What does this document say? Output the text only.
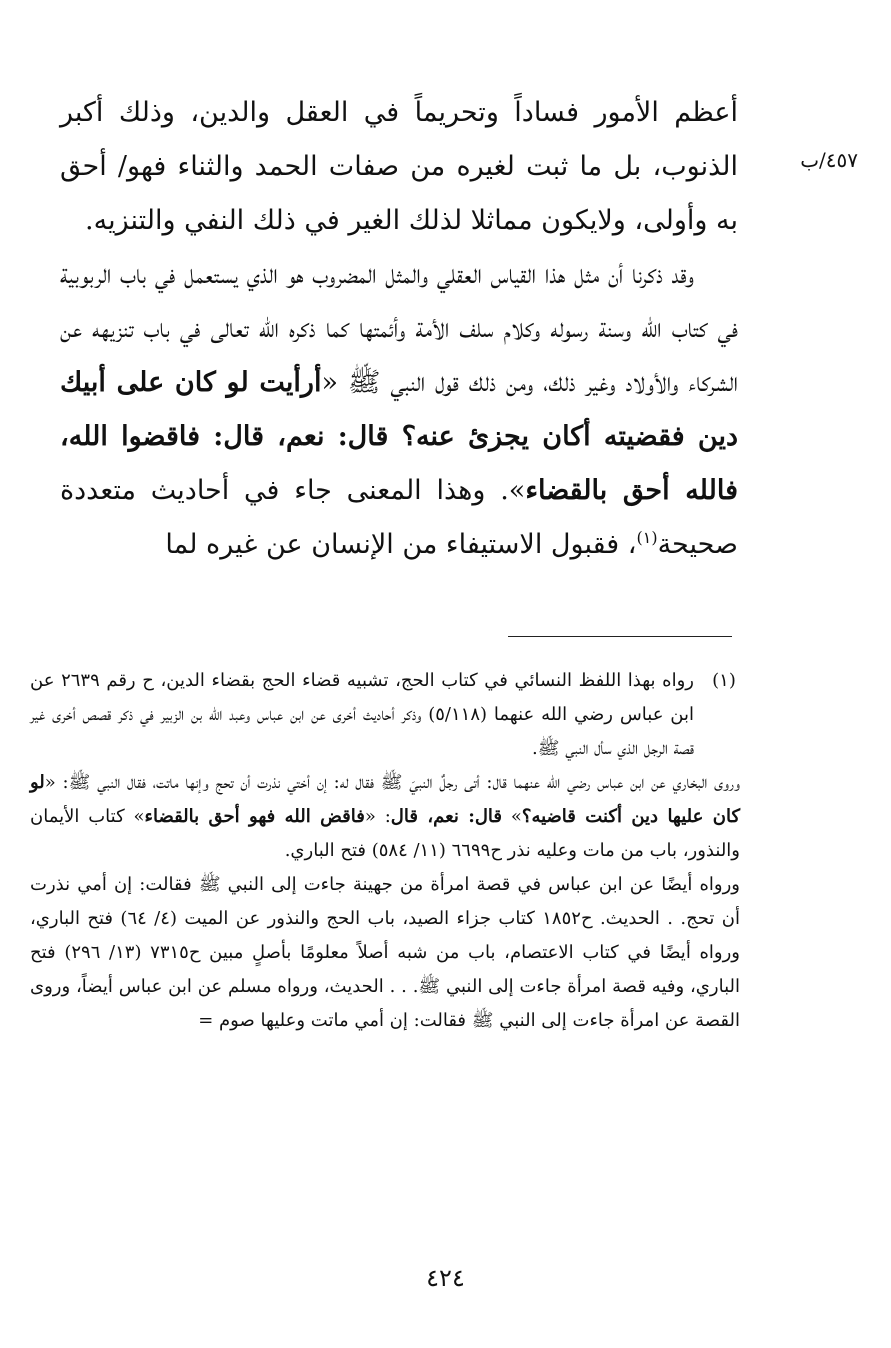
٤٥٧/ب

أعظم الأمور فساداً وتحريماً في العقل والدين، وذلك أكبر الذنوب، بل ما ثبت لغيره من صفات الحمد والثناء فهو/ أحق به وأولى، ولايكون مماثلا لذلك الغير في ذلك النفي والتنزيه.

وقد ذكرنا أن مثل هذا القياس العقلي والمثل المضروب هو الذي يستعمل في باب الربوبية في كتاب الله وسنة رسوله وكلام سلف الأمة وأئمتها كما ذكره الله تعالى في باب تنزيهه عن الشركاء والأولاد وغير ذلك، ومن ذلك قول النبي ﷺ «أرأيت لو كان على أبيك دين فقضيته أكان يجزئ عنه؟ قال: نعم، قال: فاقضوا الله، فالله أحق بالقضاء». وهذا المعنى جاء في أحاديث متعددة صحيحة$^{(١)}$، فقبول الاستيفاء من الإنسان عن غيره لما

(١)

رواه بهذا اللفظ النسائي في كتاب الحج، تشبيه قضاء الحج بقضاء الدين، ح رقم ٢٦٣٩ عن ابن عباس رضي الله عنهما (٥/١١٨) وذكر أحاديث أخرى عن ابن عباس وعبد الله بن الزبير في ذكر قصص أخرى غير قصة الرجل الذي سأل النبي ﷺ.

وروى البخاري عن ابن عباس رضي الله عنهما قال: أتى رجلٌ النبيَ ﷺ فقال له: إن أختي نذرت أن تحج وإنها ماتت، فقال النبي ﷺ: «لو كان عليها دين أكنت قاضيه؟» قال: نعم، قال: «فاقض الله فهو أحق بالقضاء» كتاب الأيمان والنذور، باب من مات وعليه نذر ح٦٦٩٩ (١١/ ٥٨٤) فتح الباري.

ورواه أيضًا عن ابن عباس في قصة امرأة من جهينة جاءت إلى النبي ﷺ فقالت: إن أمي نذرت أن تحج. . الحديث. ح١٨٥٢ كتاب جزاء الصيد، باب الحج والنذور عن الميت (٤/ ٦٤) فتح الباري، ورواه أيضًا في كتاب الاعتصام، باب من شبه أصلاً معلومًا بأصلٍ مبين ح٧٣١٥ (١٣/ ٢٩٦) فتح الباري، وفيه قصة امرأة جاءت إلى النبي ﷺ. . . الحديث، ورواه مسلم عن ابن عباس أيضاً، وروى القصة عن امرأة جاءت إلى النبي ﷺ فقالت: إن أمي ماتت وعليها صوم =

٤٢٤
